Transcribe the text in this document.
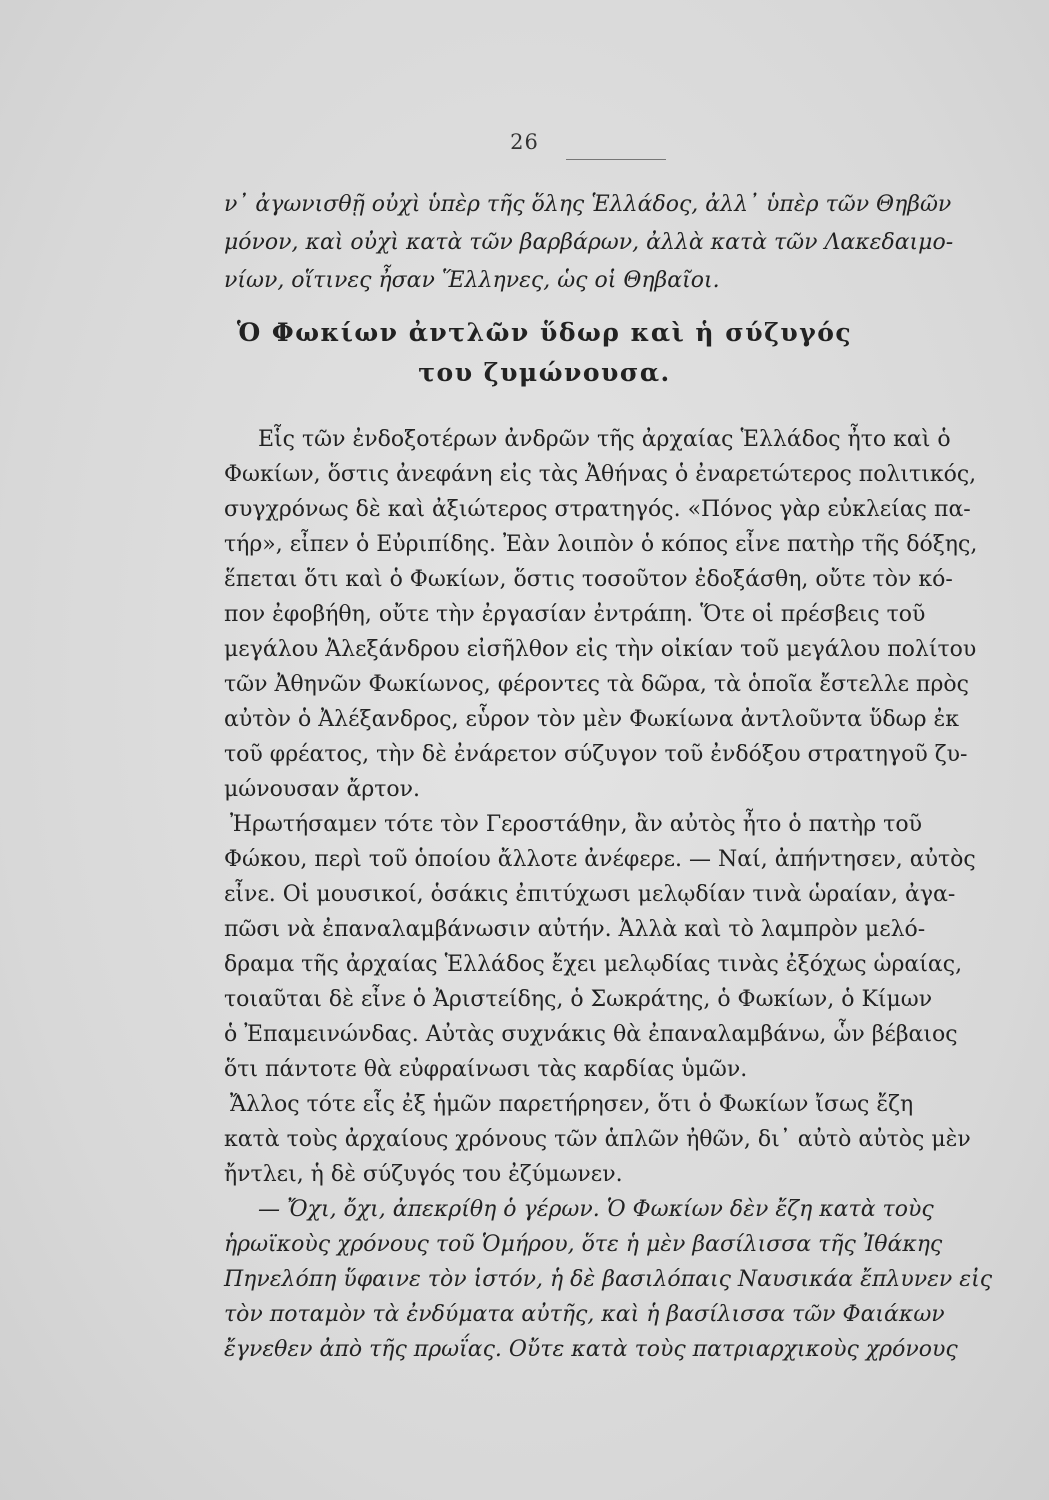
26
ν᾽ ἀγωνισθῇ οὐχὶ ὑπὲρ τῆς ὅλης Ἑλλάδος, ἀλλ᾽ ὑπὲρ τῶν Θηβῶν
μόνον, καὶ οὐχὶ κατὰ τῶν βαρβάρων, ἀλλὰ κατὰ τῶν Λακεδαιμο-
νίων, οἵτινες ἦσαν Ἕλληνες, ὡς οἱ Θηβαῖοι.
Ὁ Φωκίων ἀντλῶν ὕδωρ καὶ ἡ σύζυγός
του ζυμώνουσα.
Εἷς τῶν ἐνδοξοτέρων ἀνδρῶν τῆς ἀρχαίας Ἑλλάδος ἦτο καὶ ὁ
Φωκίων, ὅστις ἀνεφάνη εἰς τὰς Ἀθήνας ὁ ἐναρετώτερος πολιτικός,
συγχρόνως δὲ καὶ ἀξιώτερος στρατηγός. «Πόνος γὰρ εὐκλείας πα-
τήρ», εἶπεν ὁ Εὐριπίδης. Ἐὰν λοιπὸν ὁ κόπος εἶνε πατὴρ τῆς δόξης,
ἕπεται ὅτι καὶ ὁ Φωκίων, ὅστις τοσοῦτον ἐδοξάσθη, οὔτε τὸν κό-
πον ἐφοβήθη, οὔτε τὴν ἐργασίαν ἐντράπη. Ὅτε οἱ πρέσβεις τοῦ
μεγάλου Ἀλεξάνδρου εἰσῆλθον εἰς τὴν οἰκίαν τοῦ μεγάλου πολίτου
τῶν Ἀθηνῶν Φωκίωνος, φέροντες τὰ δῶρα, τὰ ὁποῖα ἔστελλε πρὸς
αὐτὸν ὁ Ἀλέξανδρος, εὗρον τὸν μὲν Φωκίωνα ἀντλοῦντα ὕδωρ ἐκ
τοῦ φρέατος, τὴν δὲ ἐνάρετον σύζυγον τοῦ ἐνδόξου στρατηγοῦ ζυ-
μώνουσαν ἄρτον.
Ἠρωτήσαμεν τότε τὸν Γεροστάθην, ἂν αὐτὸς ἦτο ὁ πατὴρ τοῦ
Φώκου, περὶ τοῦ ὁποίου ἄλλοτε ἀνέφερε. — Ναί, ἀπήντησεν, αὐτὸς
εἶνε. Οἱ μουσικοί, ὁσάκις ἐπιτύχωσι μελῳδίαν τινὰ ὡραίαν, ἀγα-
πῶσι νὰ ἐπαναλαμβάνωσιν αὐτήν. Ἀλλὰ καὶ τὸ λαμπρὸν μελό-
δραμα τῆς ἀρχαίας Ἑλλάδος ἔχει μελῳδίας τινὰς ἐξόχως ὡραίας,
τοιαῦται δὲ εἶνε ὁ Ἀριστείδης, ὁ Σωκράτης, ὁ Φωκίων, ὁ Κίμων
ὁ Ἐπαμεινώνδας. Αὐτὰς συχνάκις θὰ ἐπαναλαμβάνω, ὧν βέβαιος
ὅτι πάντοτε θὰ εὐφραίνωσι τὰς καρδίας ὑμῶν.
Ἄλλος τότε εἷς ἐξ ἡμῶν παρετήρησεν, ὅτι ὁ Φωκίων ἴσως ἔζη
κατὰ τοὺς ἀρχαίους χρόνους τῶν ἁπλῶν ἠθῶν, δι᾽ αὐτὸ αὐτὸς μὲν
ἤντλει, ἡ δὲ σύζυγός του ἐζύμωνεν.
— Ὄχι, ὄχι, ἀπεκρίθη ὁ γέρων. Ὁ Φωκίων δὲν ἔζη κατὰ τοὺς
ἡρωϊκοὺς χρόνους τοῦ Ὁμήρου, ὅτε ἡ μὲν βασίλισσα τῆς Ἰθάκης
Πηνελόπη ὕφαινε τὸν ἱστόν, ἡ δὲ βασιλόπαις Ναυσικάα ἔπλυνεν εἰς
τὸν ποταμὸν τὰ ἐνδύματα αὐτῆς, καὶ ἡ βασίλισσα τῶν Φαιάκων
ἔγνεθεν ἀπὸ τῆς πρωΐας. Οὔτε κατὰ τοὺς πατριαρχικοὺς χρόνους
